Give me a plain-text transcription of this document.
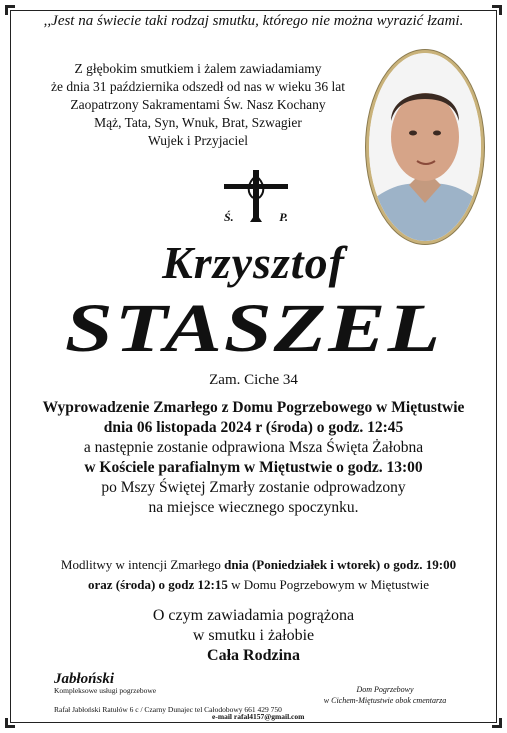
,,Jest na świecie taki rodzaj smutku, którego nie można wyrazić łzami.
Z głębokim smutkiem i żalem zawiadamiamy
że dnia 31 października odszedł od nas w wieku 36 lat
Zaopatrzony Sakramentami Św. Nasz Kochany
Mąż, Tata, Syn, Wnuk, Brat, Szwagier
Wujek i Przyjaciel
Ś.	P.
Krzysztof
STASZEL
Zam. Ciche 34
Wyprowadzenie Zmarłego z Domu Pogrzebowego w Miętustwie
dnia 06 listopada 2024 r (środa) o godz. 12:45
a następnie zostanie odprawiona Msza Święta Żałobna
w Kościele parafialnym w Miętustwie o godz. 13:00
po Mszy Świętej Zmarły zostanie odprowadzony
na miejsce wiecznego spoczynku.
Modlitwy w intencji Zmarłego dnia (Poniedziałek i wtorek) o godz. 19:00
oraz (środa) o godz 12:15 w Domu Pogrzebowym w Miętustwie
O czym zawiadamia pogrążona
w smutku i żałobie
Cała Rodzina
Jabłoński
Kompleksowe usługi pogrzebowe
Rafał Jabłoński Ratułów 6 c / Czarny Dunajec tel Całodobowy 661 429 750
Dom Pogrzebowy
w Cichem-Miętustwie obok cmentarza
e-mail rafal4157@gmail.com
